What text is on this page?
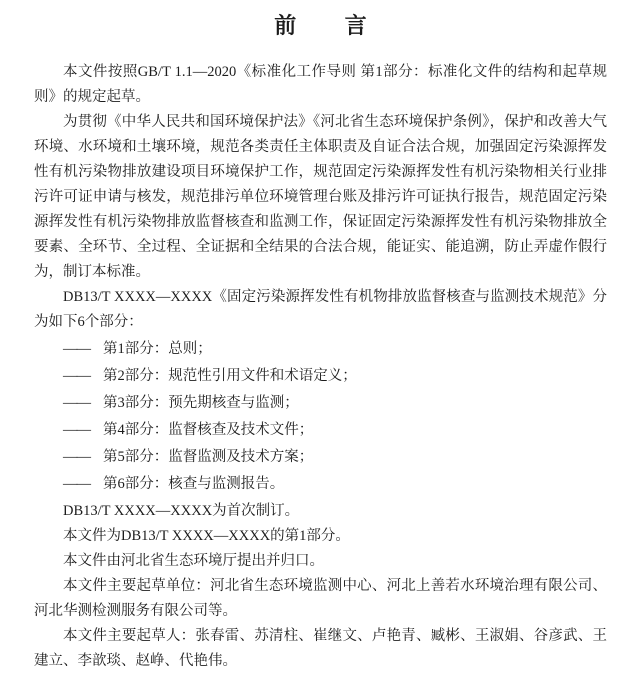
前言

本文件按照GB/T 1.1—2020《标准化工作导则 第1部分：标准化文件的结构和起草规则》的规定起草。

为贯彻《中华人民共和国环境保护法》《河北省生态环境保护条例》，保护和改善大气环境、水环境和土壤环境，规范各类责任主体职责及自证合法合规，加强固定污染源挥发性有机污染物排放建设项目环境保护工作，规范固定污染源挥发性有机污染物相关行业排污许可证申请与核发，规范排污单位环境管理台账及排污许可证执行报告，规范固定污染源挥发性有机污染物排放监督核查和监测工作，保证固定污染源挥发性有机污染物排放全要素、全环节、全过程、全证据和全结果的合法合规，能证实、能追溯，防止弄虚作假行为，制订本标准。

DB13/T XXXX—XXXX《固定污染源挥发性有机物排放监督核查与监测技术规范》分为如下6个部分：

—— 第1部分：总则；

—— 第2部分：规范性引用文件和术语定义；

—— 第3部分：预先期核查与监测；

—— 第4部分：监督核查及技术文件；

—— 第5部分：监督监测及技术方案；

—— 第6部分：核查与监测报告。

DB13/T XXXX—XXXX为首次制订。

本文件为DB13/T XXXX—XXXX的第1部分。

本文件由河北省生态环境厅提出并归口。

本文件主要起草单位：河北省生态环境监测中心、河北上善若水环境治理有限公司、河北华测检测服务有限公司等。

本文件主要起草人：张春雷、苏清柱、崔继文、卢艳青、臧彬、王淑娟、谷彦武、王建立、李歆琰、赵峥、代艳伟。
